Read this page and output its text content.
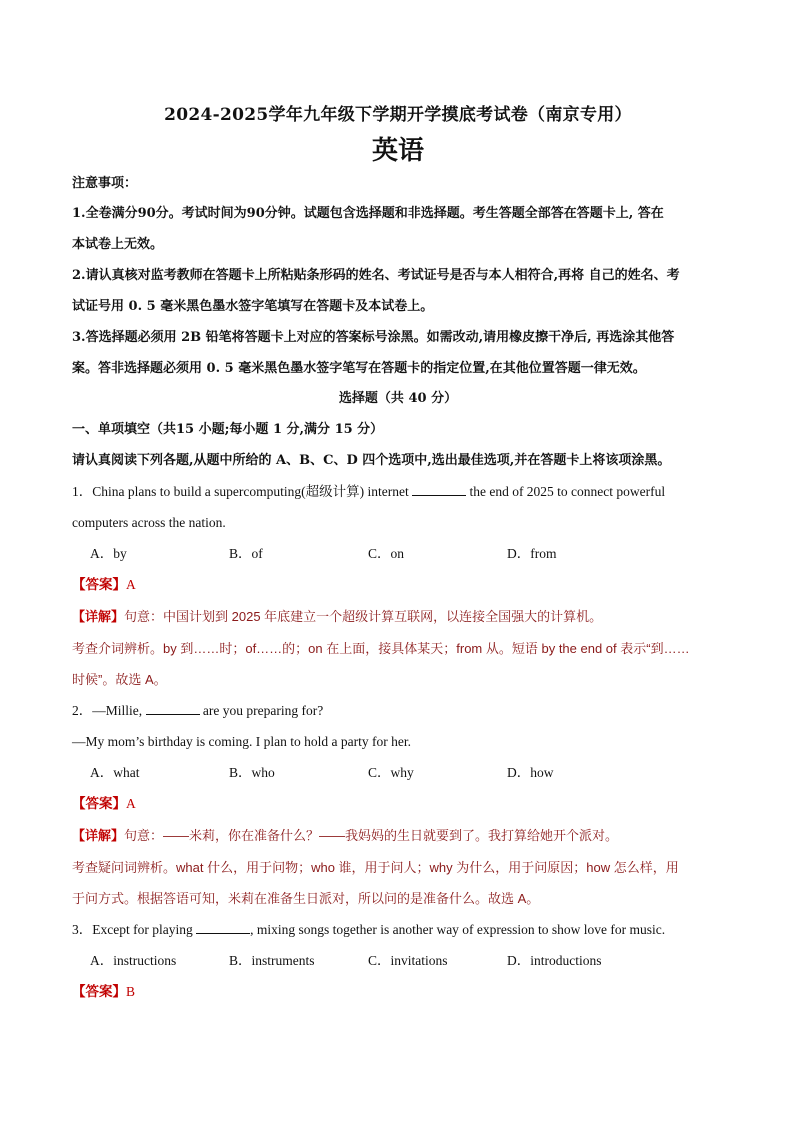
2024-2025学年九年级下学期开学摸底考试卷（南京专用）

英语

注意事项：

1.全卷满分90分。考试时间为90分钟。试题包含选择题和非选择题。考生答题全部答在答题卡上, 答在

本试卷上无效。

2.请认真核对监考教师在答题卡上所粘贴条形码的姓名、考试证号是否与本人相符合,再将 自己的姓名、考

试证号用 0. 5 毫米黑色墨水签字笔填写在答题卡及本试卷上。

3.答选择题必须用 2B 铅笔将答题卡上对应的答案标号涂黑。如需改动,请用橡皮擦干净后, 再选涂其他答

案。答非选择题必须用 0. 5 毫米黑色墨水签字笔写在答题卡的指定位置,在其他位置答题一律无效。

选择题（共 40 分）

一、单项填空（共15 小题;每小题 1 分,满分 15 分）

请认真阅读下列各题,从题中所给的 A、B、C、D 四个选项中,选出最佳选项,并在答题卡上将该项涂黑。

1．China plans to build a supercomputing(超级计算) internet	the end of 2025 to connect powerful

computers across the nation.

A．by	B．of	C．on	D．from

【答案】A

【详解】句意：中国计划到 2025 年底建立一个超级计算互联网，以连接全国强大的计算机。

考查介词辨析。by 到……时；of……的；on 在上面，接具体某天；from 从。短语 by the end of 表示“到……

时候”。故选 A。

2．—Millie,	are you preparing for?

—My mom’s birthday is coming. I plan to hold a party for her.

A．what	B．who	C．why	D．how

【答案】A

【详解】句意：——米莉，你在准备什么？——我妈妈的生日就要到了。我打算给她开个派对。

考查疑问词辨析。what 什么，用于问物；who 谁，用于问人；why 为什么，用于问原因；how 怎么样，用

于问方式。根据答语可知，米莉在准备生日派对，所以问的是准备什么。故选 A。

3．Except for playing	, mixing songs together is another way of expression to show love for music.

A．instructions	B．instruments	C．invitations	D．introductions

【答案】B
